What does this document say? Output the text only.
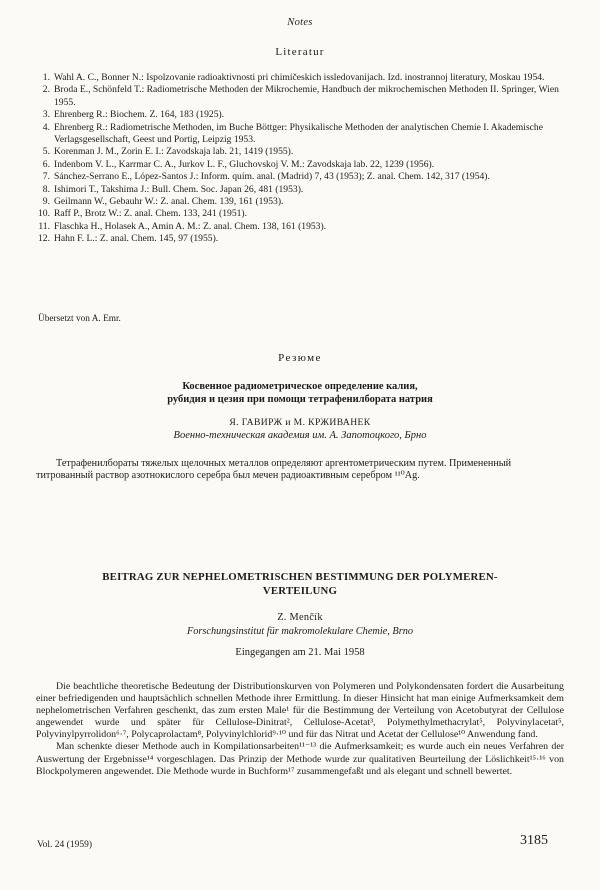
Notes
Literatur
1. Wahl A. C., Bonner N.: Ispolzovanie radioaktivnosti pri chimičeskich issledovanijach. Izd. inostrannoj literatury, Moskau 1954.
2. Broda E., Schönfeld T.: Radiometrische Methoden der Mikrochemie, Handbuch der mikrochemischen Methoden II. Springer, Wien 1955.
3. Ehrenberg R.: Biochem. Z. 164, 183 (1925).
4. Ehrenberg R.: Radiometrische Methoden, im Buche Böttger: Physikalische Methoden der analytischen Chemie I. Akademische Verlagsgesellschaft, Geest und Portig, Leipzig 1953.
5. Korenman J. M., Zorin E. I.: Zavodskaja lab. 21, 1419 (1955).
6. Indenbom V. L., Karrmar C. A., Jurkov L. F., Gluchovskoj V. M.: Zavodskaja lab. 22, 1239 (1956).
7. Sánchez-Serrano E., López-Santos J.: Inform. quím. anal. (Madrid) 7, 43 (1953); Z. anal. Chem. 142, 317 (1954).
8. Ishimori T., Takshima J.: Bull. Chem. Soc. Japan 26, 481 (1953).
9. Geilmann W., Gebauhr W.: Z. anal. Chem. 139, 161 (1953).
10. Raff P., Brotz W.: Z. anal. Chem. 133, 241 (1951).
11. Flaschka H., Holasek A., Amin A. M.: Z. anal. Chem. 138, 161 (1953).
12. Hahn F. L.: Z. anal. Chem. 145, 97 (1955).
Übersetzt von A. Emr.
Резюме
Косвенное радиометрическое определение калия,
рубидия и цезия при помощи тетрафенилбората натрия
Я. ГАВИРЖ и М. КРЖИВАНЕК
Военно-техническая академия им. А. Запотоцкого, Брно
Тетрафенилбораты тяжелых щелочных металлов определяют аргентометрическим путем. Примененный титрованный раствор азотнокислого серебра был мечен радиоактивным серебром ¹¹⁰Ag.
BEITRAG ZUR NEPHELOMETRISCHEN BESTIMMUNG DER POLYMEREN-
VERTEILUNG
Z. Menčík
Forschungsinstitut für makromolekulare Chemie, Brno
Eingegangen am 21. Mai 1958

Die beachtliche theoretische Bedeutung der Distributionskurven von Polymeren und Polykondensaten fordert die Ausarbeitung einer befriedigenden und hauptsächlich schnellen Methode ihrer Ermittlung. In dieser Hinsicht hat man einige Aufmerksamkeit dem nephelometrischen Verfahren geschenkt, das zum ersten Male¹ für die Bestimmung der Verteilung von Acetobutyrat der Cellulose angewendet wurde und später für Cellulose-Dinitrat², Cellulose-Acetat³, Polymethylmethacrylat⁵, Polyvinylacetat⁵, Polyvinylpyrrolidon⁶·⁷, Polycaprolactam⁸, Polyvinylchlorid⁹·¹⁰ und für das Nitrat und Acetat der Cellulose¹⁰ Anwendung fand.

Man schenkte dieser Methode auch in Kompilationsarbeiten¹¹⁻¹³ die Aufmerksamkeit; es wurde auch ein neues Verfahren der Auswertung der Ergebnisse¹⁴ vorgeschlagen. Das Prinzip der Methode wurde zur qualitativen Beurteilung der Löslichkeit¹⁵·¹⁶ von Blockpolymeren angewendet. Die Methode wurde in Buchform¹⁷ zusammengefaßt und als elegant und schnell bewertet.

Vol. 24 (1959)	3185
